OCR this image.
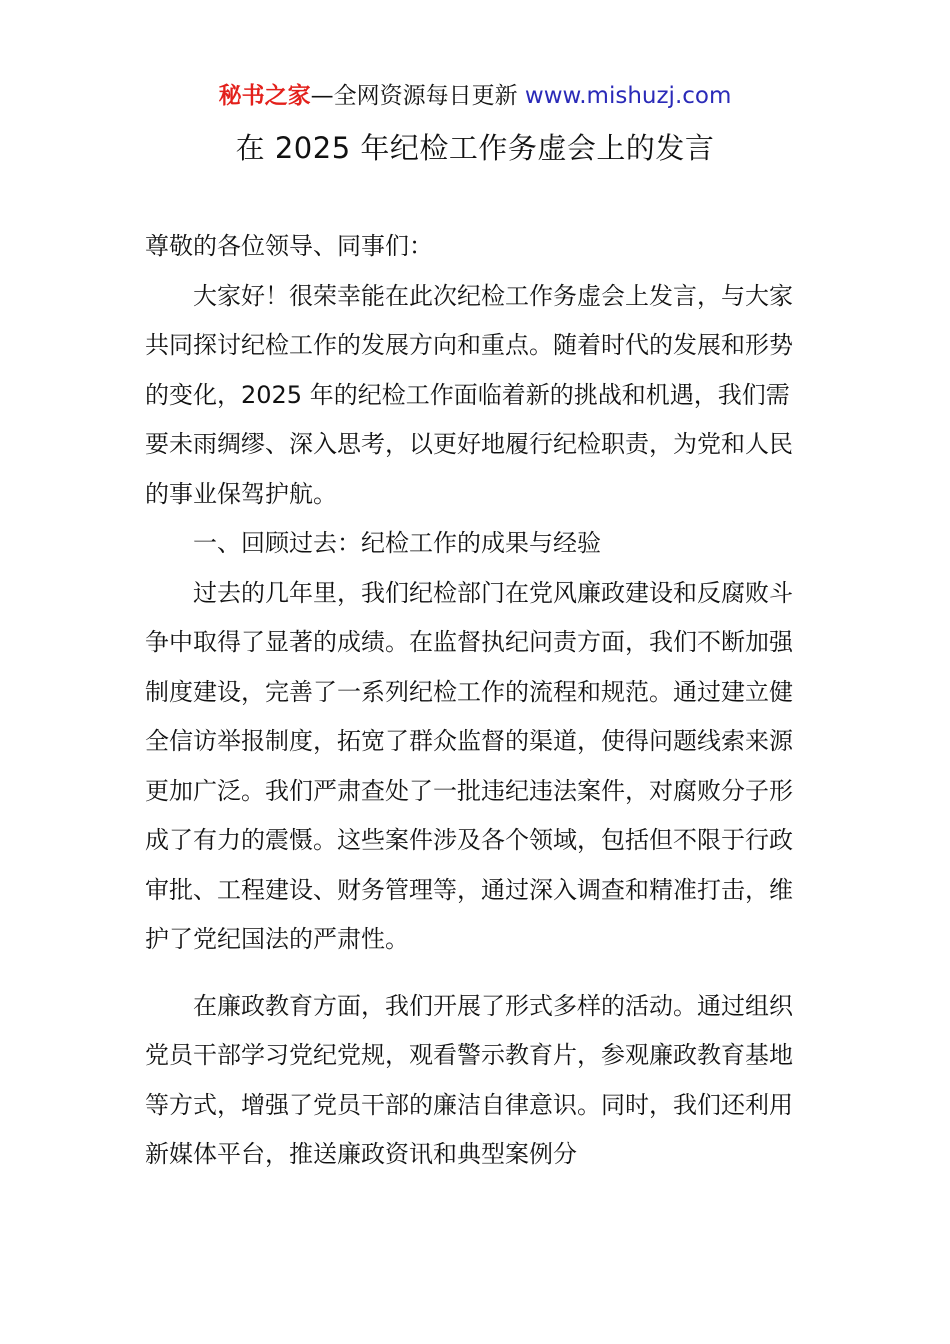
秘书之家—全网资源每日更新 www.mishuzj.com
在 2025 年纪检工作务虚会上的发言

尊敬的各位领导、同事们：

大家好！很荣幸能在此次纪检工作务虚会上发言，与大家共同探讨纪检工作的发展方向和重点。随着时代的发展和形势的变化，2025 年的纪检工作面临着新的挑战和机遇，我们需要未雨绸缪、深入思考，以更好地履行纪检职责，为党和人民的事业保驾护航。

一、回顾过去：纪检工作的成果与经验

过去的几年里，我们纪检部门在党风廉政建设和反腐败斗争中取得了显著的成绩。在监督执纪问责方面，我们不断加强制度建设，完善了一系列纪检工作的流程和规范。通过建立健全信访举报制度，拓宽了群众监督的渠道，使得问题线索来源更加广泛。我们严肃查处了一批违纪违法案件，对腐败分子形成了有力的震慑。这些案件涉及各个领域，包括但不限于行政审批、工程建设、财务管理等，通过深入调查和精准打击，维护了党纪国法的严肃性。

在廉政教育方面，我们开展了形式多样的活动。通过组织党员干部学习党纪党规，观看警示教育片，参观廉政教育基地等方式，增强了党员干部的廉洁自律意识。同时，我们还利用新媒体平台，推送廉政资讯和典型案例分
